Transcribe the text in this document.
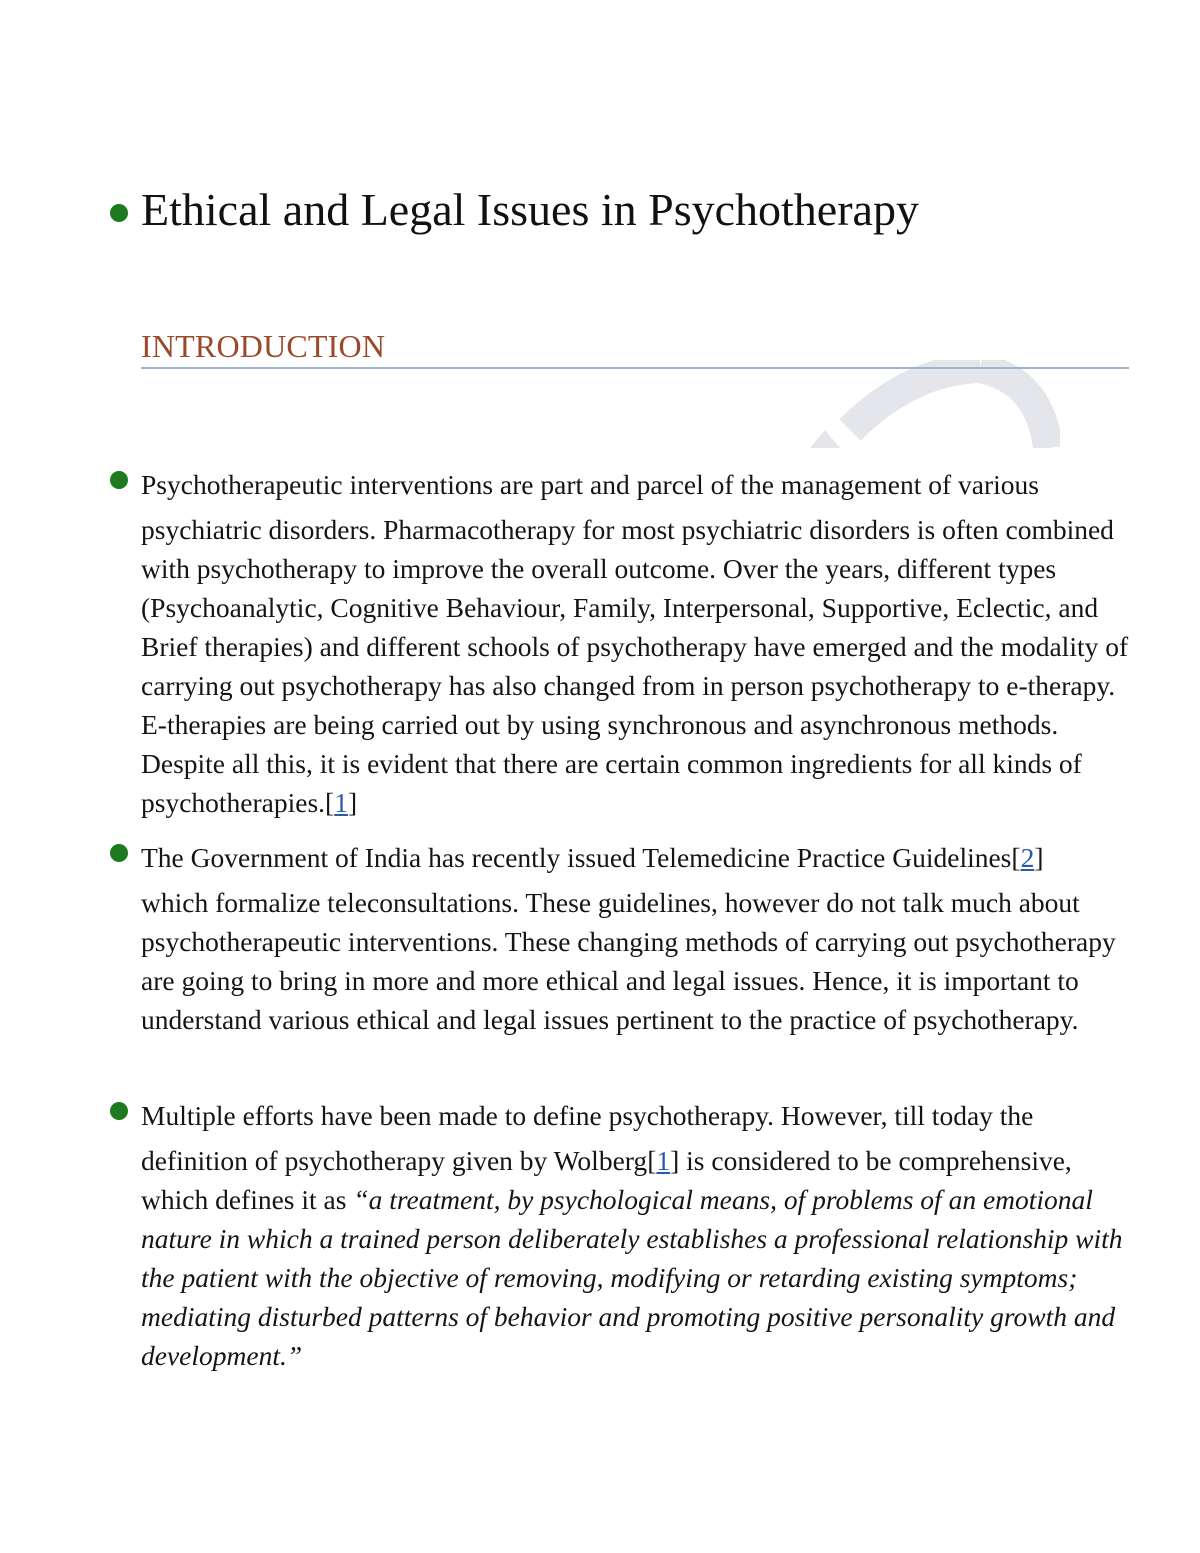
Ethical and Legal Issues in Psychotherapy
INTRODUCTION

Psychotherapeutic interventions are part and parcel of the management of various
psychiatric disorders. Pharmacotherapy for most psychiatric disorders is often combined with psychotherapy to improve the overall outcome. Over the years, different types (Psychoanalytic, Cognitive Behaviour, Family, Interpersonal, Supportive, Eclectic, and Brief therapies) and different schools of psychotherapy have emerged and the modality of carrying out psychotherapy has also changed from in person psychotherapy to e-therapy. E-therapies are being carried out by using synchronous and asynchronous methods. Despite all this, it is evident that there are certain common ingredients for all kinds of psychotherapies.[1]

The Government of India has recently issued Telemedicine Practice Guidelines[2]
which formalize teleconsultations. These guidelines, however do not talk much about psychotherapeutic interventions. These changing methods of carrying out psychotherapy are going to bring in more and more ethical and legal issues. Hence, it is important to understand various ethical and legal issues pertinent to the practice of psychotherapy.

Multiple efforts have been made to define psychotherapy. However, till today the
definition of psychotherapy given by Wolberg[1] is considered to be comprehensive, which defines it as “a treatment, by psychological means, of problems of an emotional nature in which a trained person deliberately establishes a professional relationship with the patient with the objective of removing, modifying or retarding existing symptoms; mediating disturbed patterns of behavior and promoting positive personality growth and development.”
